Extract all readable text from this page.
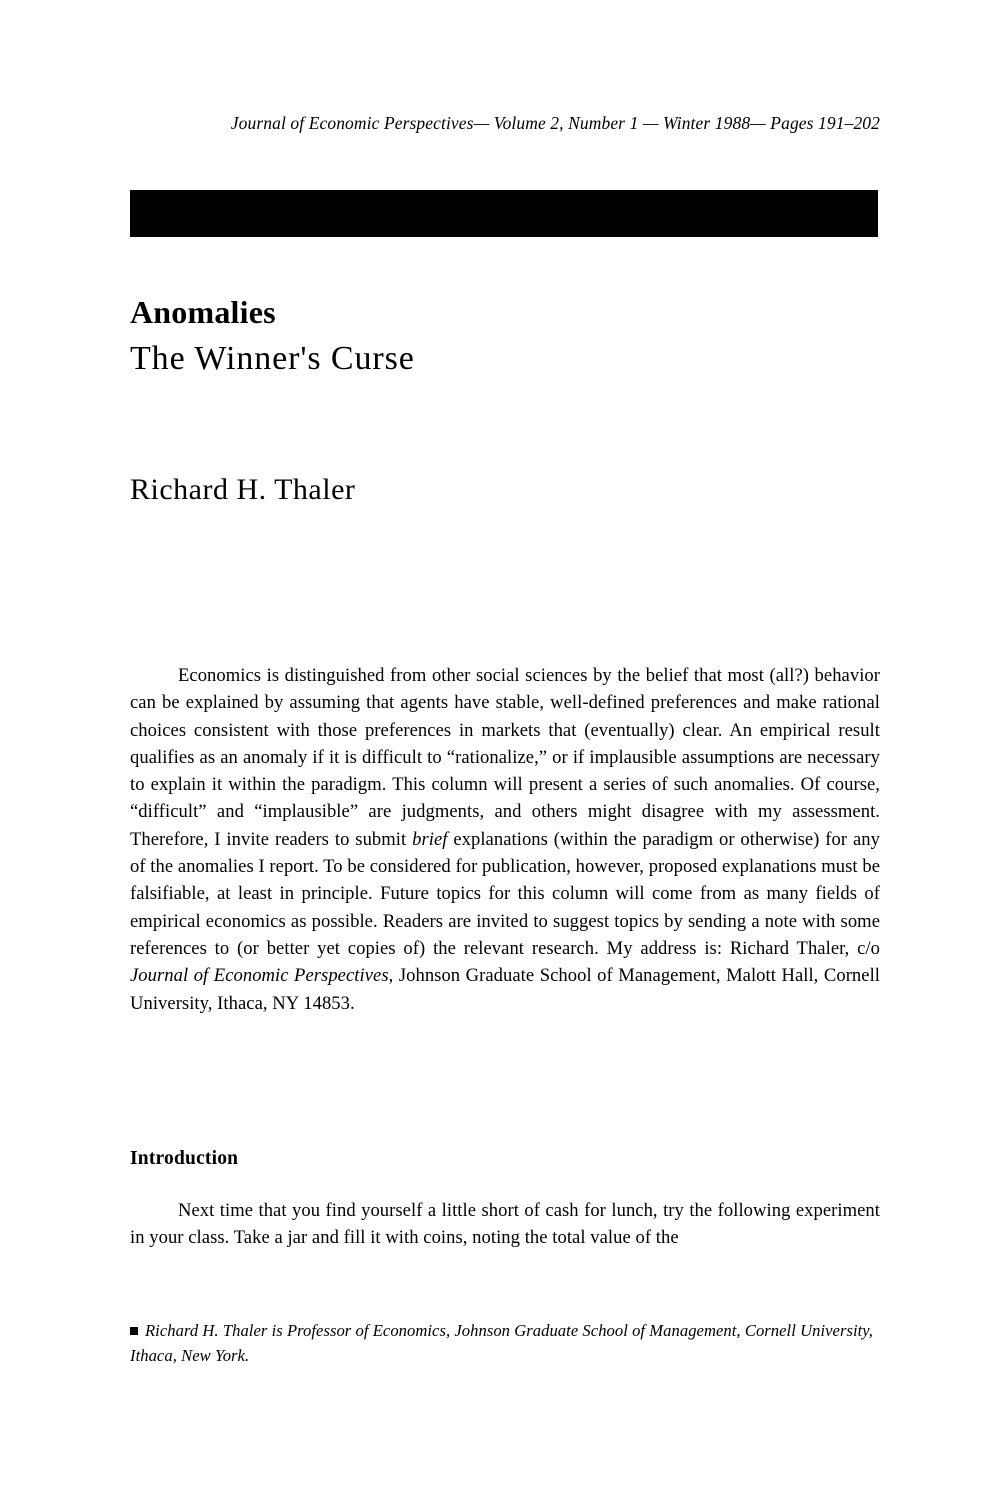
Journal of Economic Perspectives— Volume 2, Number 1 — Winter 1988— Pages 191–202
Anomalies
The Winner's Curse
Richard H. Thaler

Economics is distinguished from other social sciences by the belief that most (all?) behavior can be explained by assuming that agents have stable, well-defined preferences and make rational choices consistent with those preferences in markets that (eventually) clear. An empirical result qualifies as an anomaly if it is difficult to “rationalize,” or if implausible assumptions are necessary to explain it within the paradigm. This column will present a series of such anomalies. Of course, “difficult” and “implausible” are judgments, and others might disagree with my assessment. Therefore, I invite readers to submit brief explanations (within the paradigm or otherwise) for any of the anomalies I report. To be considered for publication, however, proposed explanations must be falsifiable, at least in principle. Future topics for this column will come from as many fields of empirical economics as possible. Readers are invited to suggest topics by sending a note with some references to (or better yet copies of) the relevant research. My address is: Richard Thaler, c/o Journal of Economic Perspectives, Johnson Graduate School of Management, Malott Hall, Cornell University, Ithaca, NY 14853.

Introduction

Next time that you find yourself a little short of cash for lunch, try the following experiment in your class. Take a jar and fill it with coins, noting the total value of the

Richard H. Thaler is Professor of Economics, Johnson Graduate School of Management, Cornell University, Ithaca, New York.
